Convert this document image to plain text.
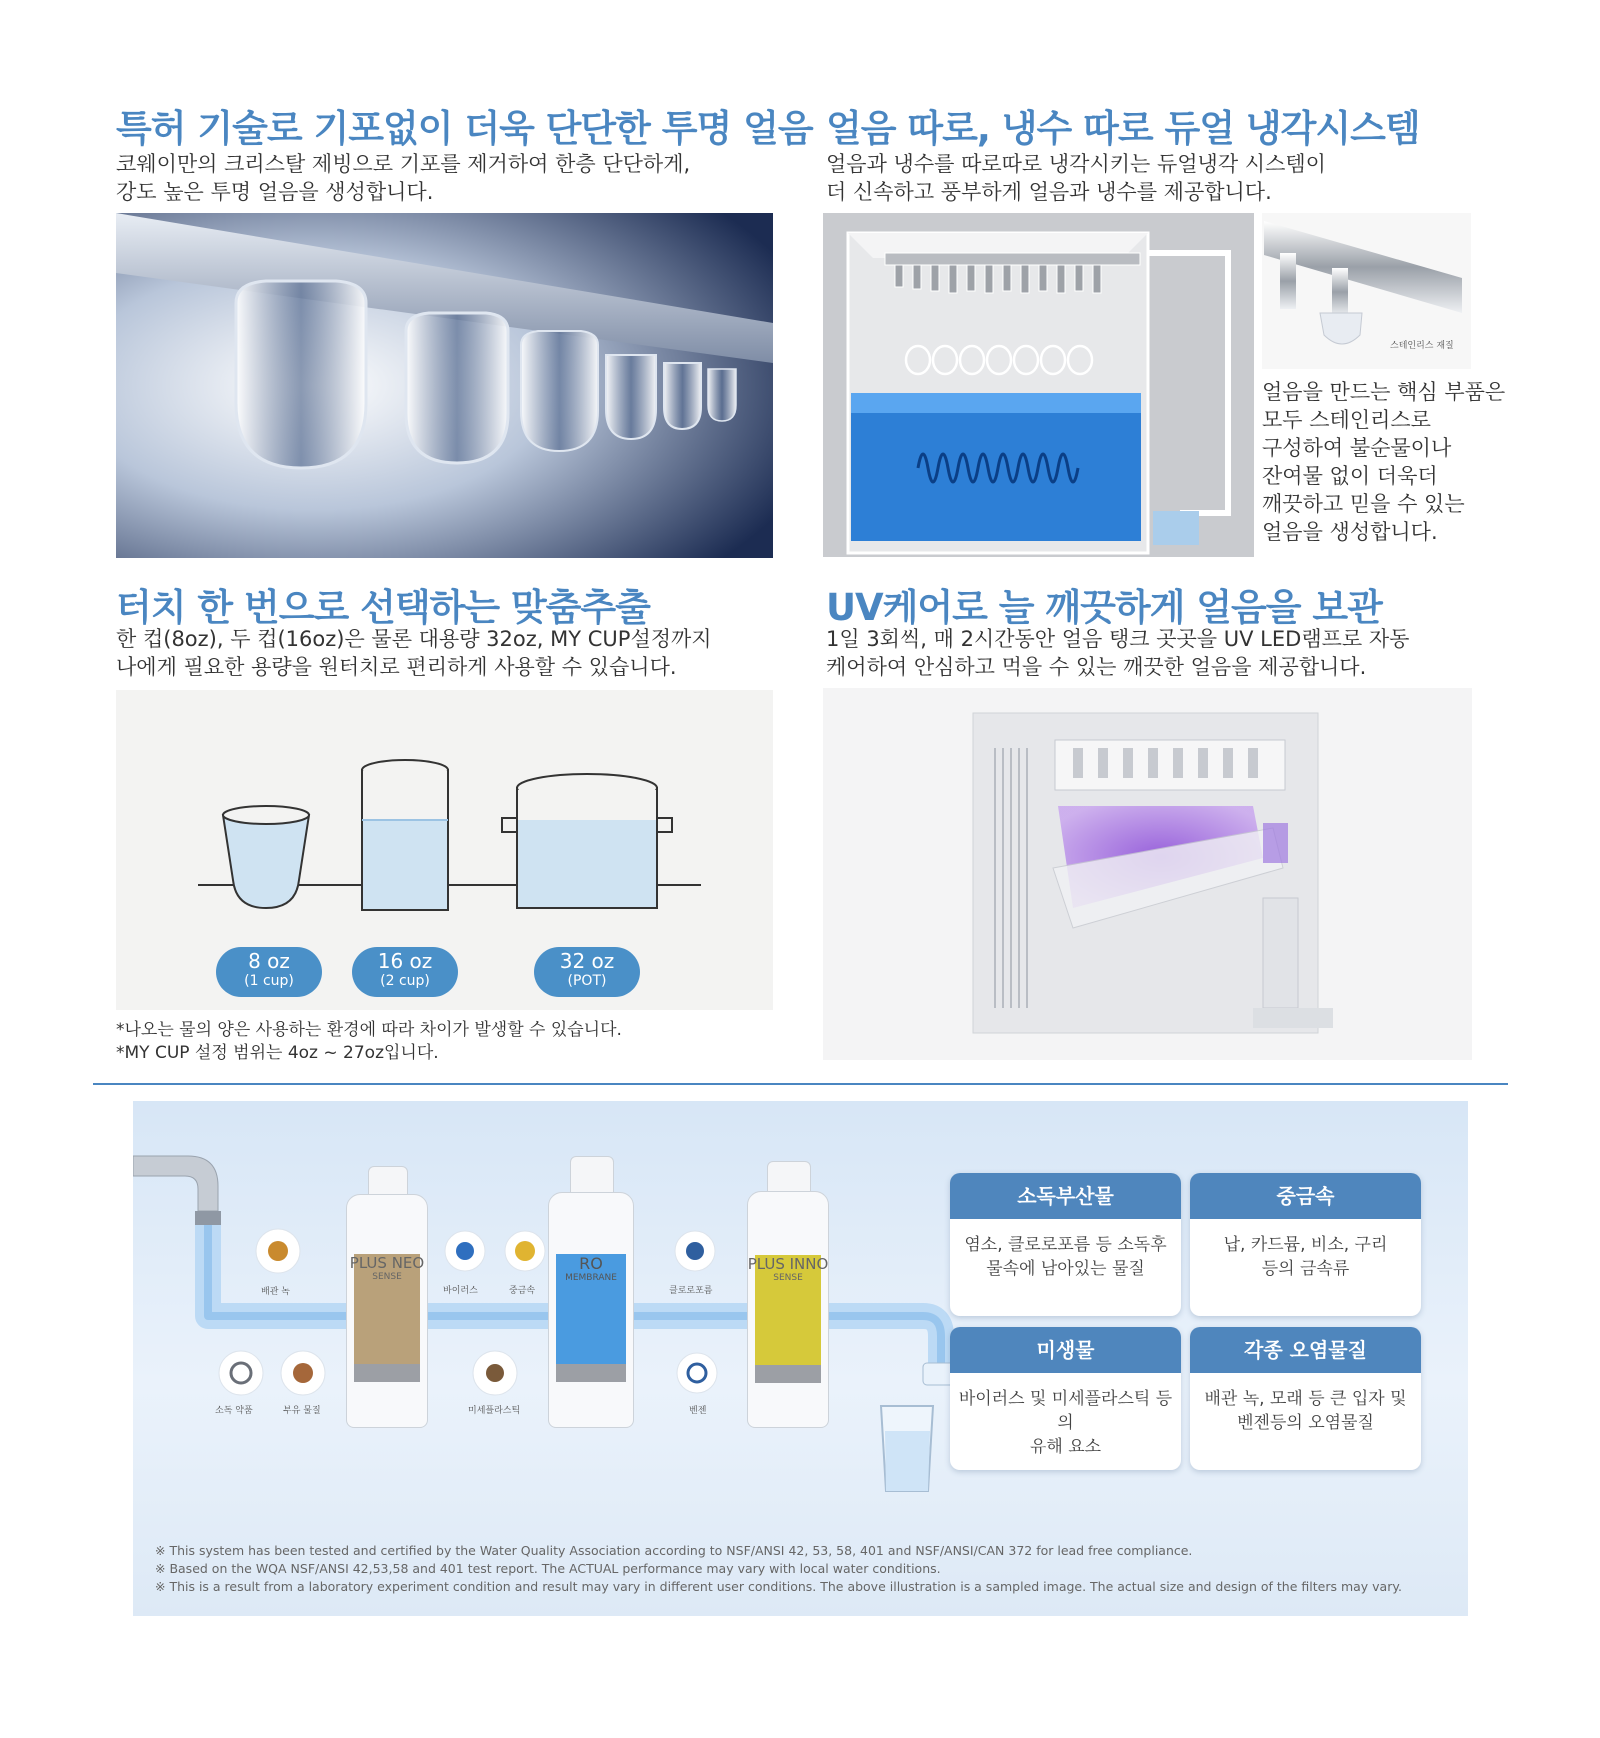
특허 기술로 기포없이 더욱 단단한 투명 얼음
코웨이만의 크리스탈 제빙으로 기포를 제거하여 한층 단단하게,
강도 높은 투명 얼음을 생성합니다.
얼음 따로, 냉수 따로 듀얼 냉각시스템
얼음과 냉수를 따로따로 냉각시키는 듀얼냉각 시스템이
더 신속하고 풍부하게 얼음과 냉수를 제공합니다.
스테인리스 재질
얼음을 만드는 핵심 부품은
모두 스테인리스로
구성하여 불순물이나
잔여물 없이 더욱더
깨끗하고 믿을 수 있는
얼음을 생성합니다.
터치 한 번으로 선택하는 맞춤추출
한 컵(8oz), 두 컵(16oz)은 물론 대용량 32oz, MY CUP설정까지
나에게 필요한 용량을 원터치로 편리하게 사용할 수 있습니다.
8 oz
(1 cup)
16 oz
(2 cup)
32 oz
(POT)
*나오는 물의 양은 사용하는 환경에 따라 차이가 발생할 수 있습니다.
*MY CUP 설정 범위는 4oz ~ 27oz입니다.
UV케어로 늘 깨끗하게 얼음을 보관
1일 3회씩, 매 2시간동안 얼음 탱크 곳곳을 UV LED램프로 자동
케어하여 안심하고 먹을 수 있는 깨끗한 얼음을 제공합니다.
배관 녹
소독 약품	부유 물질
바이러스	중금속
미세플라스틱
클로로포름
벤젠
PLUS NEO
SENSE
RO
MEMBRANE
PLUS INNO
SENSE
소독부산물
염소, 클로로포름 등 소독후
물속에 남아있는 물질
중금속
납, 카드뮴, 비소, 구리
등의 금속류
미생물
바이러스 및 미세플라스틱 등의
유해 요소
각종 오염물질
배관 녹, 모래 등 큰 입자 및
벤젠등의 오염물질
※ This system has been tested and certified by the Water Quality Association according to NSF/ANSI 42, 53, 58, 401 and NSF/ANSI/CAN 372 for lead free compliance.
※ Based on the WQA NSF/ANSI 42,53,58 and 401 test report. The ACTUAL performance may vary with local water conditions.
※ This is a result from a laboratory experiment condition and result may vary in different user conditions. The above illustration is a sampled image. The actual size and design of the filters may vary.
